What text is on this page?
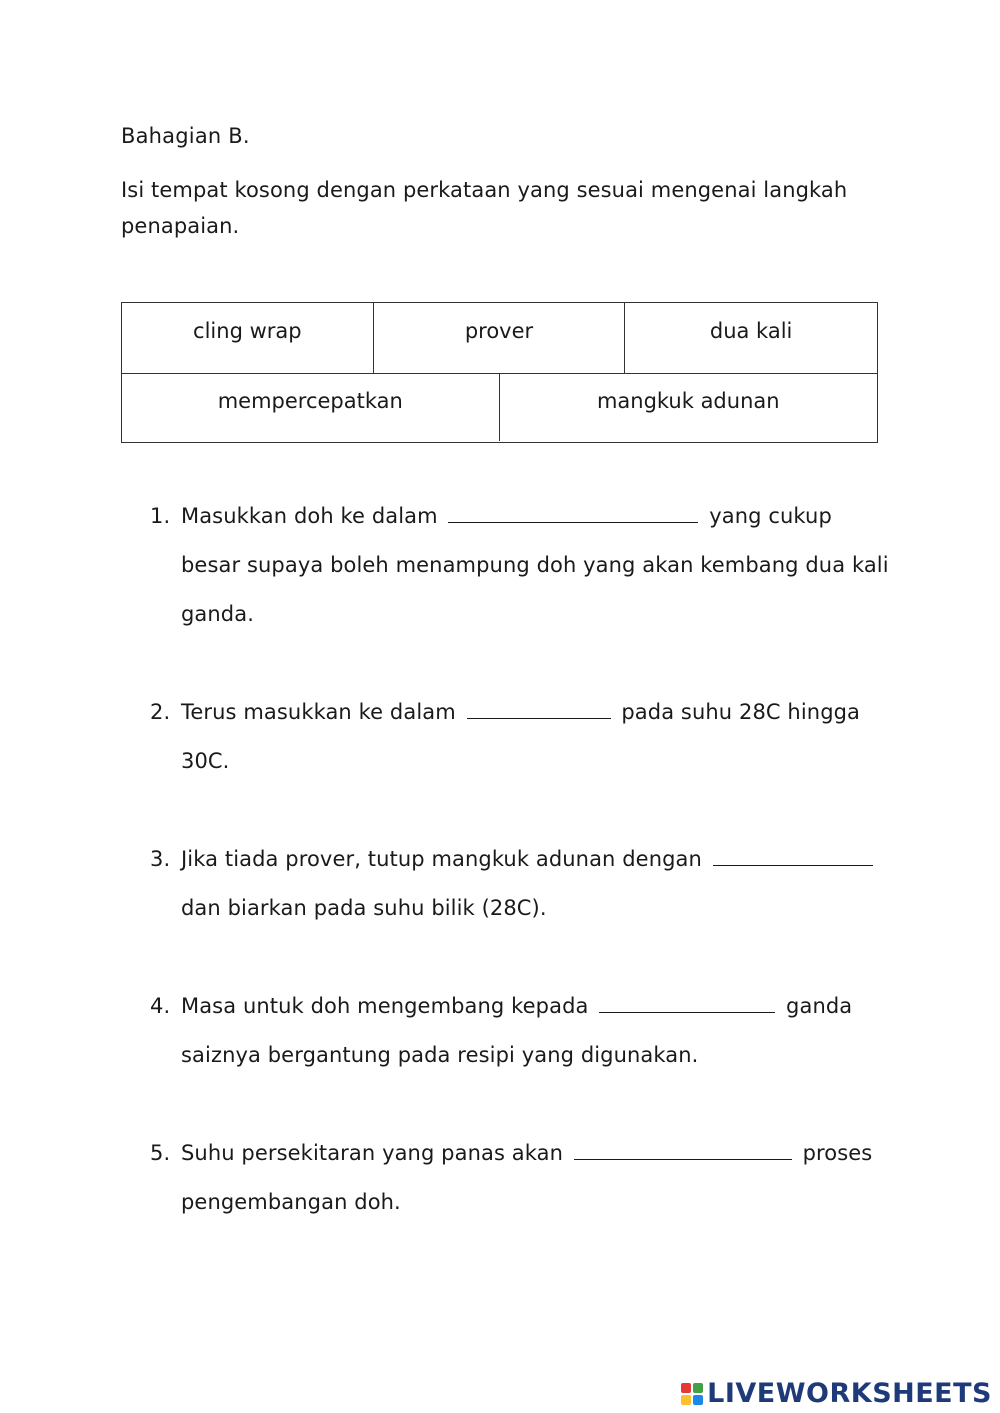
Bahagian B.
Isi tempat kosong dengan perkataan yang sesuai mengenai langkah penapaian.
cling wrap	prover	dua kali
mempercepatkan	mangkuk adunan
1. Masukkan doh ke dalam	yang cukup besar supaya boleh menampung doh yang akan kembang dua kali ganda.
2. Terus masukkan ke dalam	pada suhu 28C hingga 30C.
3. Jika tiada prover, tutup mangkuk adunan dengan  dan biarkan pada suhu bilik (28C).
4. Masa untuk doh mengembang kepada	ganda saiznya bergantung pada resipi yang digunakan.
5. Suhu persekitaran yang panas akan	proses pengembangan doh.
LIVEWORKSHEETS
